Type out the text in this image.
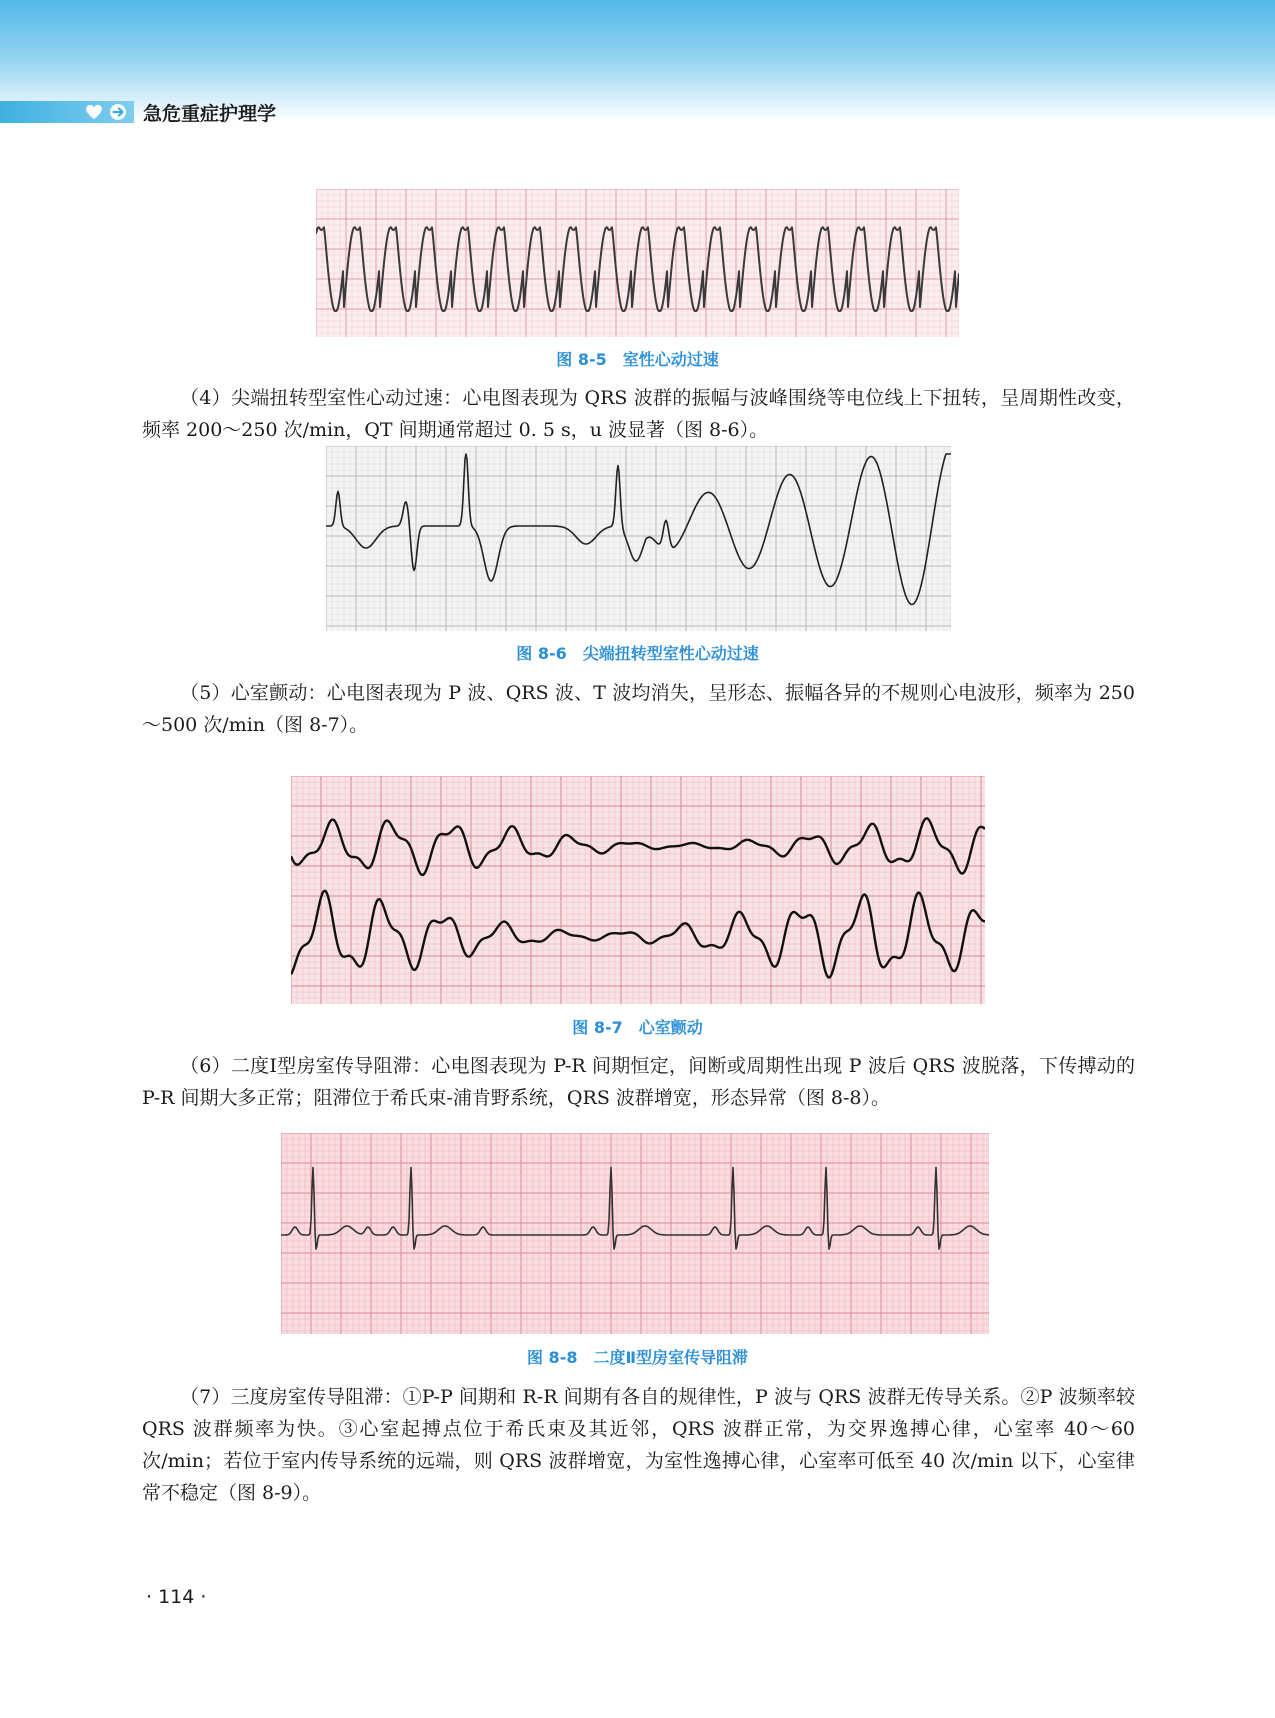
急危重症护理学
图 8-5　室性心动过速

（4）尖端扭转型室性心动过速：心电图表现为 QRS 波群的振幅与波峰围绕等电位线上下扭转，呈周期性改变，频率 200～250 次/min，QT 间期通常超过 0. 5 s，u 波显著（图 8-6）。

图 8-6　尖端扭转型室性心动过速

（5）心室颤动：心电图表现为 P 波、QRS 波、T 波均消失，呈形态、振幅各异的不规则心电波形，频率为 250～500 次/min（图 8-7）。

图 8-7　心室颤动

（6）二度Ⅰ型房室传导阻滞：心电图表现为 P-R 间期恒定，间断或周期性出现 P 波后 QRS 波脱落，下传搏动的 P-R 间期大多正常；阻滞位于希氏束-浦肯野系统，QRS 波群增宽，形态异常（图 8-8）。

图 8-8　二度Ⅱ型房室传导阻滞

（7）三度房室传导阻滞：①P-P 间期和 R-R 间期有各自的规律性，P 波与 QRS 波群无传导关系。②P 波频率较 QRS 波群频率为快。③心室起搏点位于希氏束及其近邻，QRS 波群正常，为交界逸搏心律，心室率 40～60 次/min；若位于室内传导系统的远端，则 QRS 波群增宽，为室性逸搏心律，心室率可低至 40 次/min 以下，心室律常不稳定（图 8-9）。

· 114 ·
